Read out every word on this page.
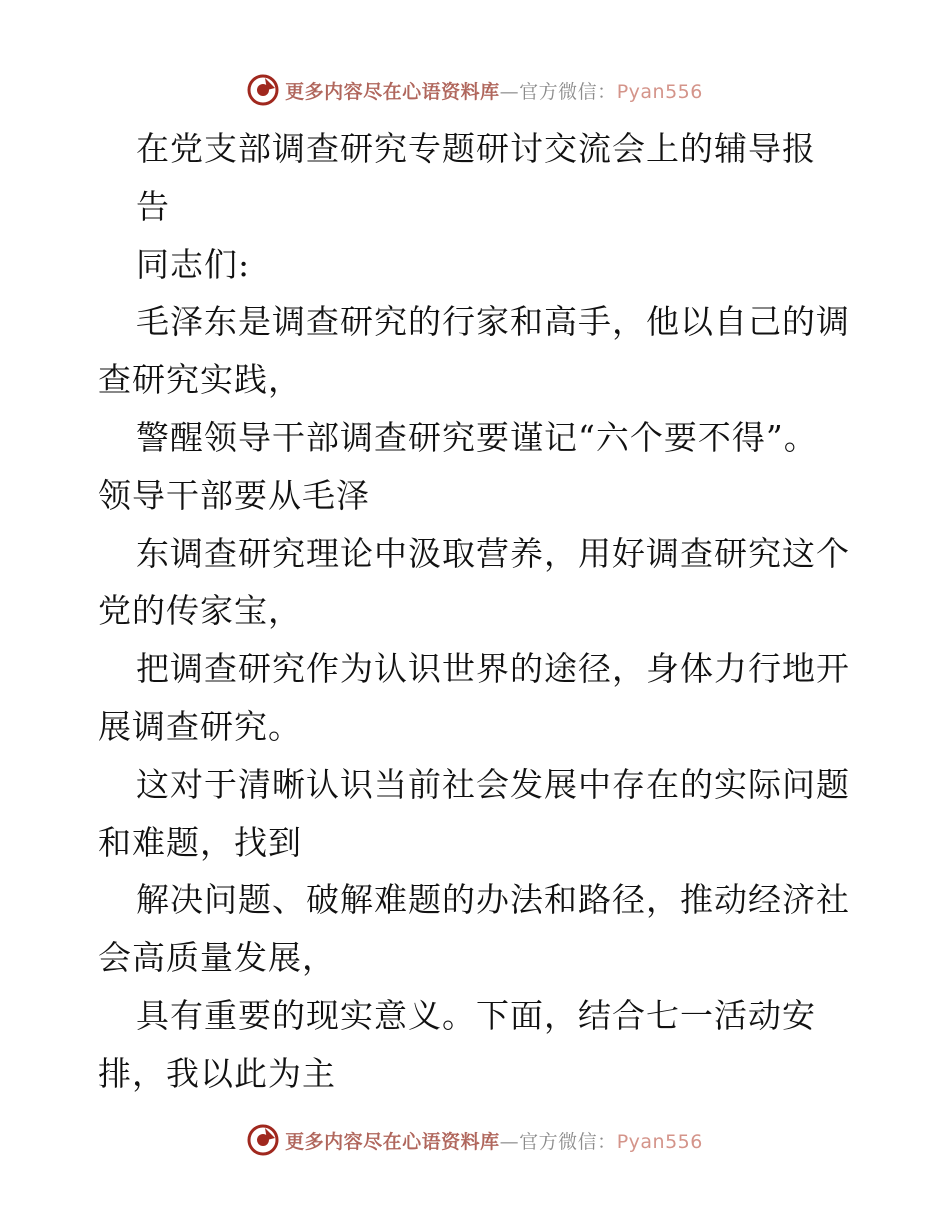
更多内容尽在心语资料库—官方微信：Pyan556
在党支部调查研究专题研讨交流会上的辅导报
告
同志们:
毛泽东是调查研究的行家和高手，他以自己的调
查研究实践，
警醒领导干部调查研究要谨记“六个要不得”。
领导干部要从毛泽
东调查研究理论中汲取营养，用好调查研究这个
党的传家宝，
把调查研究作为认识世界的途径，身体力行地开
展调查研究。
这对于清晰认识当前社会发展中存在的实际问题
和难题，找到
解决问题、破解难题的办法和路径，推动经济社
会高质量发展，
具有重要的现实意义。下面，结合七一活动安
排，我以此为主
更多内容尽在心语资料库—官方微信：Pyan556
